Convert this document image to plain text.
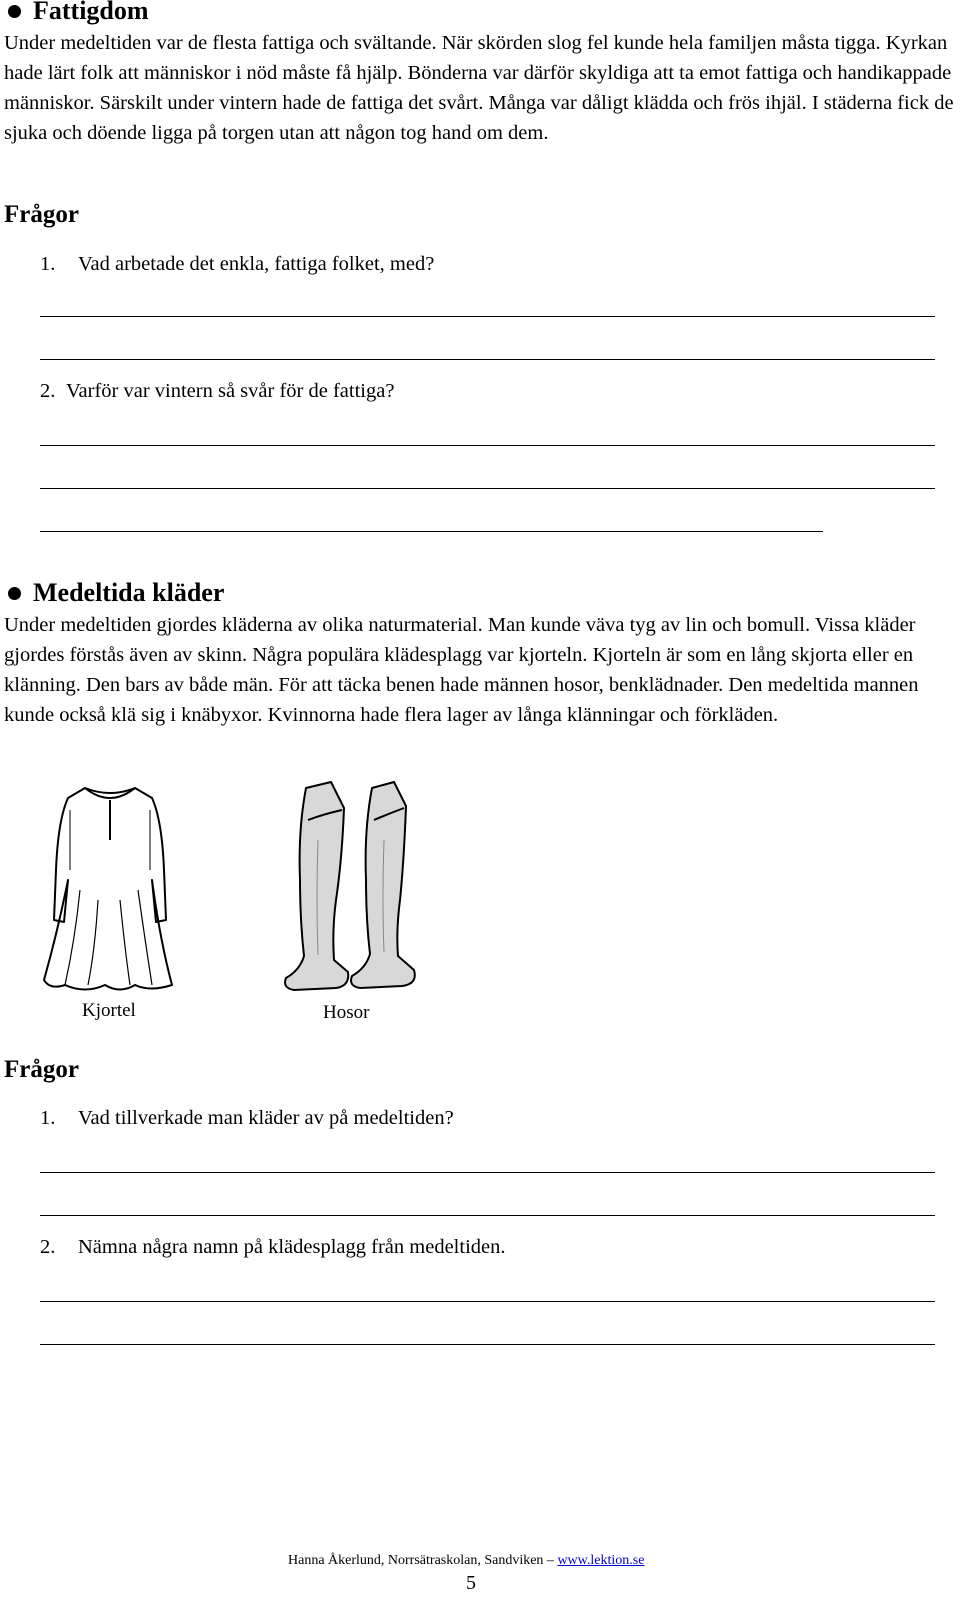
Fattigdom

Under medeltiden var de flesta fattiga och svältande. När skörden slog fel kunde hela familjen måsta tigga. Kyrkan hade lärt folk att människor i nöd måste få hjälp. Bönderna var därför skyldiga att ta emot fattiga och handikappade människor. Särskilt under vintern hade de fattiga det svårt. Många var dåligt klädda och frös ihjäl. I städerna fick de sjuka och döende ligga på torgen utan att någon tog hand om dem.

Frågor
1. Vad arbetade det enkla, fattiga folket, med?
2. Varför var vintern så svår för de fattiga?
Medeltida kläder

Under medeltiden gjordes kläderna av olika naturmaterial. Man kunde väva tyg av lin och bomull. Vissa kläder gjordes förstås även av skinn. Några populära klädesplagg var kjorteln. Kjorteln är som en lång skjorta eller en klänning. Den bars av både män. För att täcka benen hade männen hosor, benklädnader. Den medeltida mannen kunde också klä sig i knäbyxor. Kvinnorna hade flera lager av långa klänningar och förkläden.

Kjortel	Hosor
Frågor
1. Vad tillverkade man kläder av på medeltiden?
2. Nämna några namn på klädesplagg från medeltiden.
Hanna Åkerlund, Norrsätraskolan, Sandviken – www.lektion.se
5
